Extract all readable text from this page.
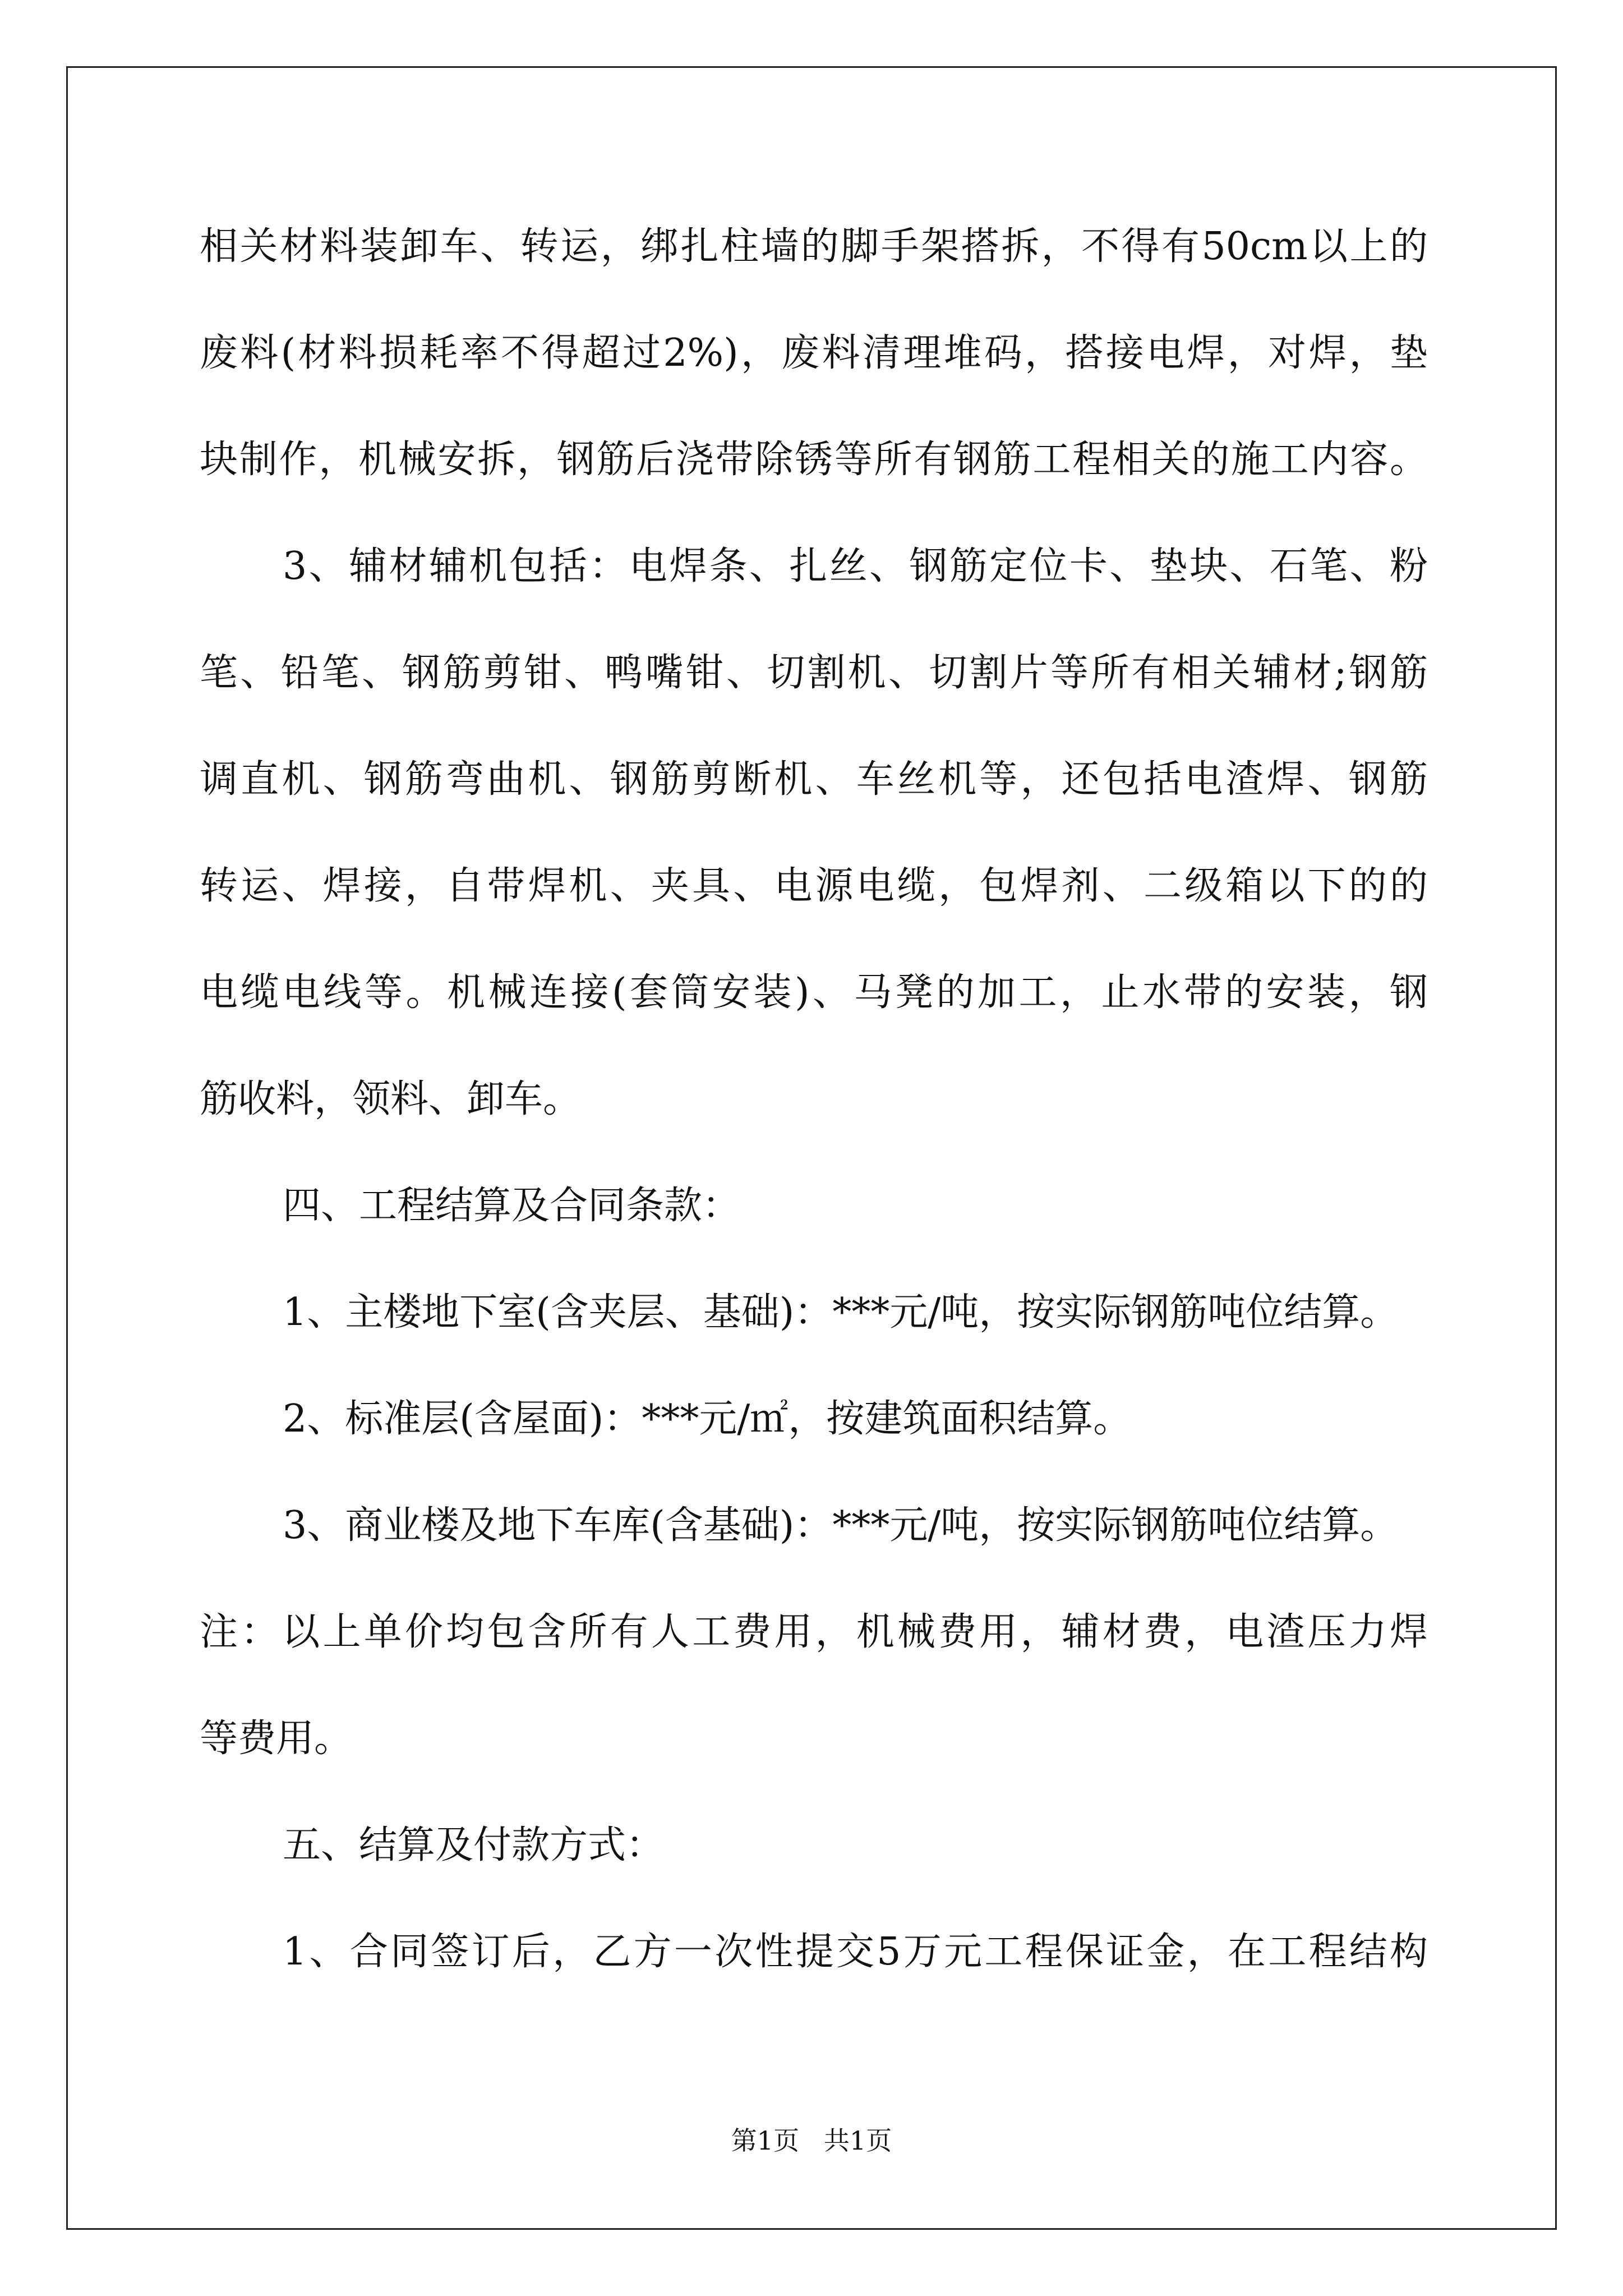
相关材料装卸车、转运，绑扎柱墙的脚手架搭拆，不得有50cm以上的
废料(材料损耗率不得超过2%)，废料清理堆码，搭接电焊，对焊，垫
块制作，机械安拆，钢筋后浇带除锈等所有钢筋工程相关的施工内容。
3、辅材辅机包括：电焊条、扎丝、钢筋定位卡、垫块、石笔、粉
笔、铅笔、钢筋剪钳、鸭嘴钳、切割机、切割片等所有相关辅材;钢筋
调直机、钢筋弯曲机、钢筋剪断机、车丝机等，还包括电渣焊、钢筋
转运、焊接，自带焊机、夹具、电源电缆，包焊剂、二级箱以下的的
电缆电线等。机械连接(套筒安装)、马凳的加工，止水带的安装，钢
筋收料，领料、卸车。
四、工程结算及合同条款：
1、主楼地下室(含夹层、基础)：***元/吨，按实际钢筋吨位结算。
2、标准层(含屋面)：***元/㎡，按建筑面积结算。
3、商业楼及地下车库(含基础)：***元/吨，按实际钢筋吨位结算。
注：以上单价均包含所有人工费用，机械费用，辅材费，电渣压力焊
等费用。
五、结算及付款方式：
1、合同签订后，乙方一次性提交5万元工程保证金，在工程结构
第1页   共1页
